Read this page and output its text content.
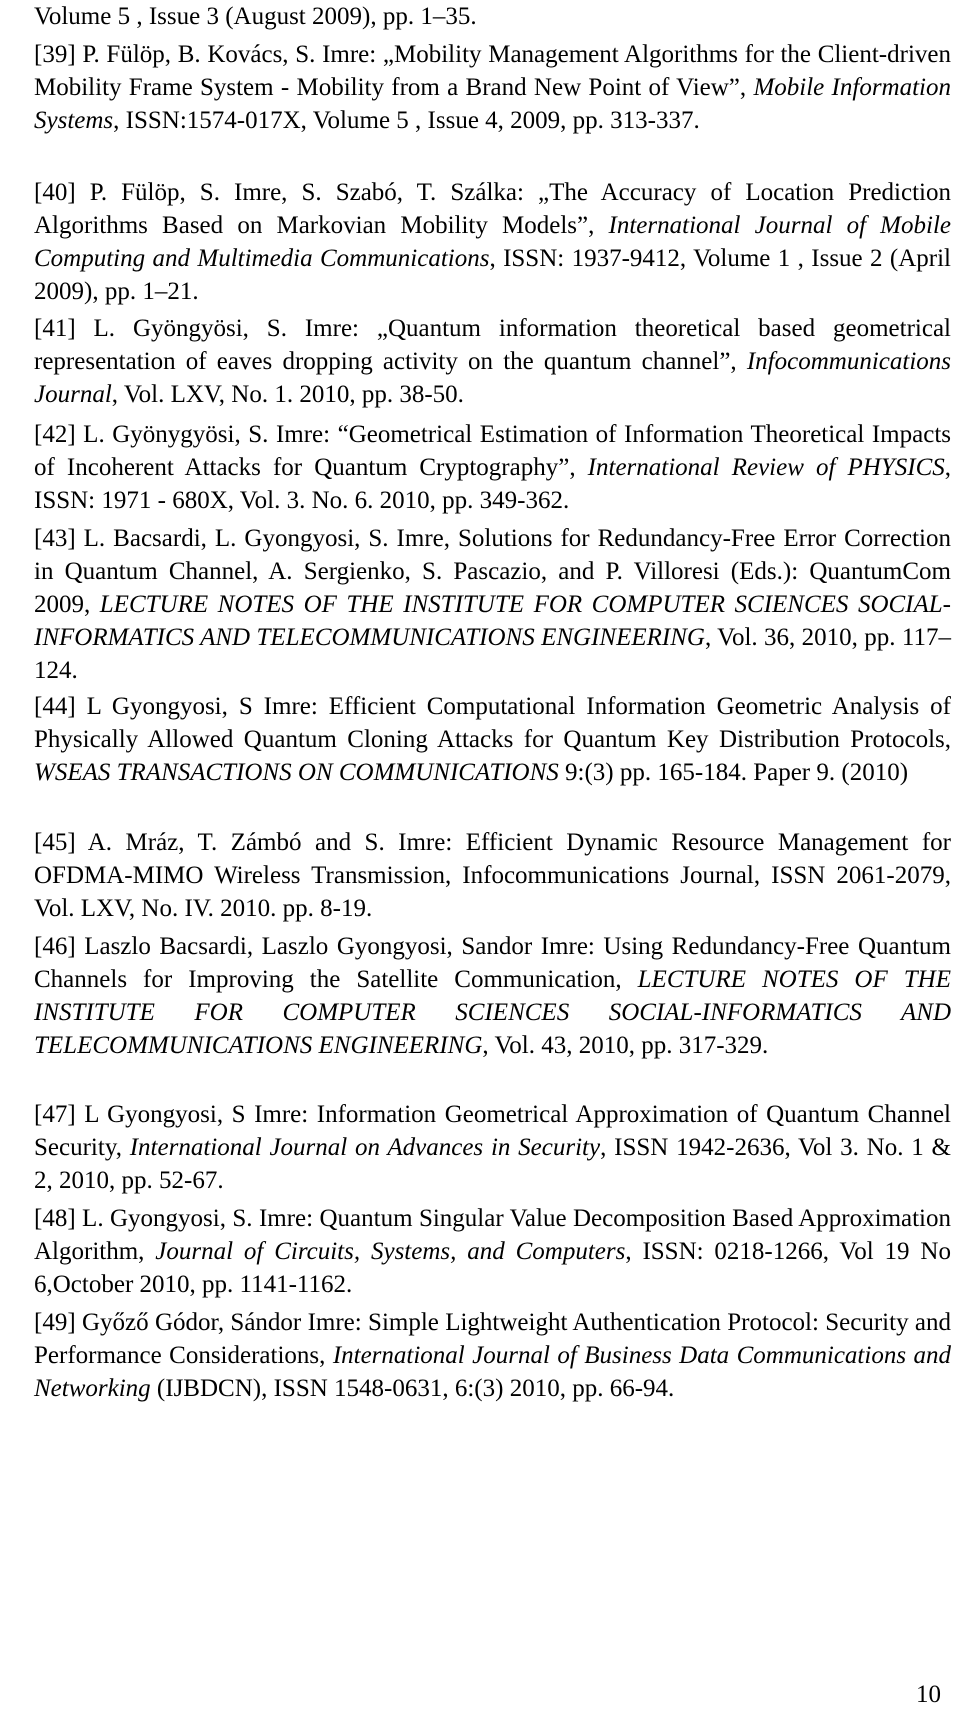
Volume 5 , Issue 3 (August 2009), pp. 1–35.

[39] P. Fülöp, B. Kovács, S. Imre: „Mobility Management Algorithms for the Client-driven Mobility Frame System - Mobility from a Brand New Point of View”, Mobile Information Systems, ISSN:1574-017X, Volume 5 , Issue 4, 2009, pp. 313-337.

[40] P. Fülöp, S. Imre, S. Szabó, T. Szálka: „The Accuracy of Location Prediction Algorithms Based on Markovian Mobility Models”, International Journal of Mobile Computing and Multimedia Communications, ISSN: 1937-9412, Volume 1 , Issue 2 (April 2009), pp. 1–21.

[41] L. Gyöngyösi, S. Imre: „Quantum information theoretical based geometrical representation of eaves dropping activity on the quantum channel”, Infocommunications Journal, Vol. LXV, No. 1. 2010, pp. 38-50.

[42] L. Gyönygyösi, S. Imre: “Geometrical Estimation of Information Theoretical Impacts of Incoherent Attacks for Quantum Cryptography”, International Review of PHYSICS, ISSN: 1971 - 680X, Vol. 3. No. 6. 2010, pp. 349-362.

[43] L. Bacsardi, L. Gyongyosi, S. Imre, Solutions for Redundancy-Free Error Correction in Quantum Channel, A. Sergienko, S. Pascazio, and P. Villoresi (Eds.): QuantumCom 2009, LECTURE NOTES OF THE INSTITUTE FOR COMPUTER SCIENCES SOCIAL-INFORMATICS AND TELECOMMUNICATIONS ENGINEERING, Vol. 36, 2010, pp. 117–124.

[44] L Gyongyosi, S Imre: Efficient Computational Information Geometric Analysis of Physically Allowed Quantum Cloning Attacks for Quantum Key Distribution Protocols, WSEAS TRANSACTIONS ON COMMUNICATIONS 9:(3) pp. 165-184. Paper 9. (2010)

[45] A. Mráz, T. Zámbó and S. Imre: Efficient Dynamic Resource Management for OFDMA-MIMO Wireless Transmission, Infocommunications Journal, ISSN 2061-2079, Vol. LXV, No. IV. 2010. pp. 8-19.

[46] Laszlo Bacsardi, Laszlo Gyongyosi, Sandor Imre: Using Redundancy-Free Quantum Channels for Improving the Satellite Communication, LECTURE NOTES OF THE INSTITUTE FOR COMPUTER SCIENCES SOCIAL-INFORMATICS AND TELECOMMUNICATIONS ENGINEERING, Vol. 43, 2010, pp. 317-329.

[47] L Gyongyosi, S Imre: Information Geometrical Approximation of Quantum Channel Security, International Journal on Advances in Security, ISSN 1942-2636, Vol 3. No. 1 & 2, 2010, pp. 52-67.

[48] L. Gyongyosi, S. Imre: Quantum Singular Value Decomposition Based Approximation Algorithm, Journal of Circuits, Systems, and Computers, ISSN: 0218-1266, Vol 19 No 6,October 2010, pp. 1141-1162.

[49] Győző Gódor, Sándor Imre: Simple Lightweight Authentication Protocol: Security and Performance Considerations, International Journal of Business Data Communications and Networking (IJBDCN), ISSN 1548-0631, 6:(3) 2010, pp. 66-94.

10
